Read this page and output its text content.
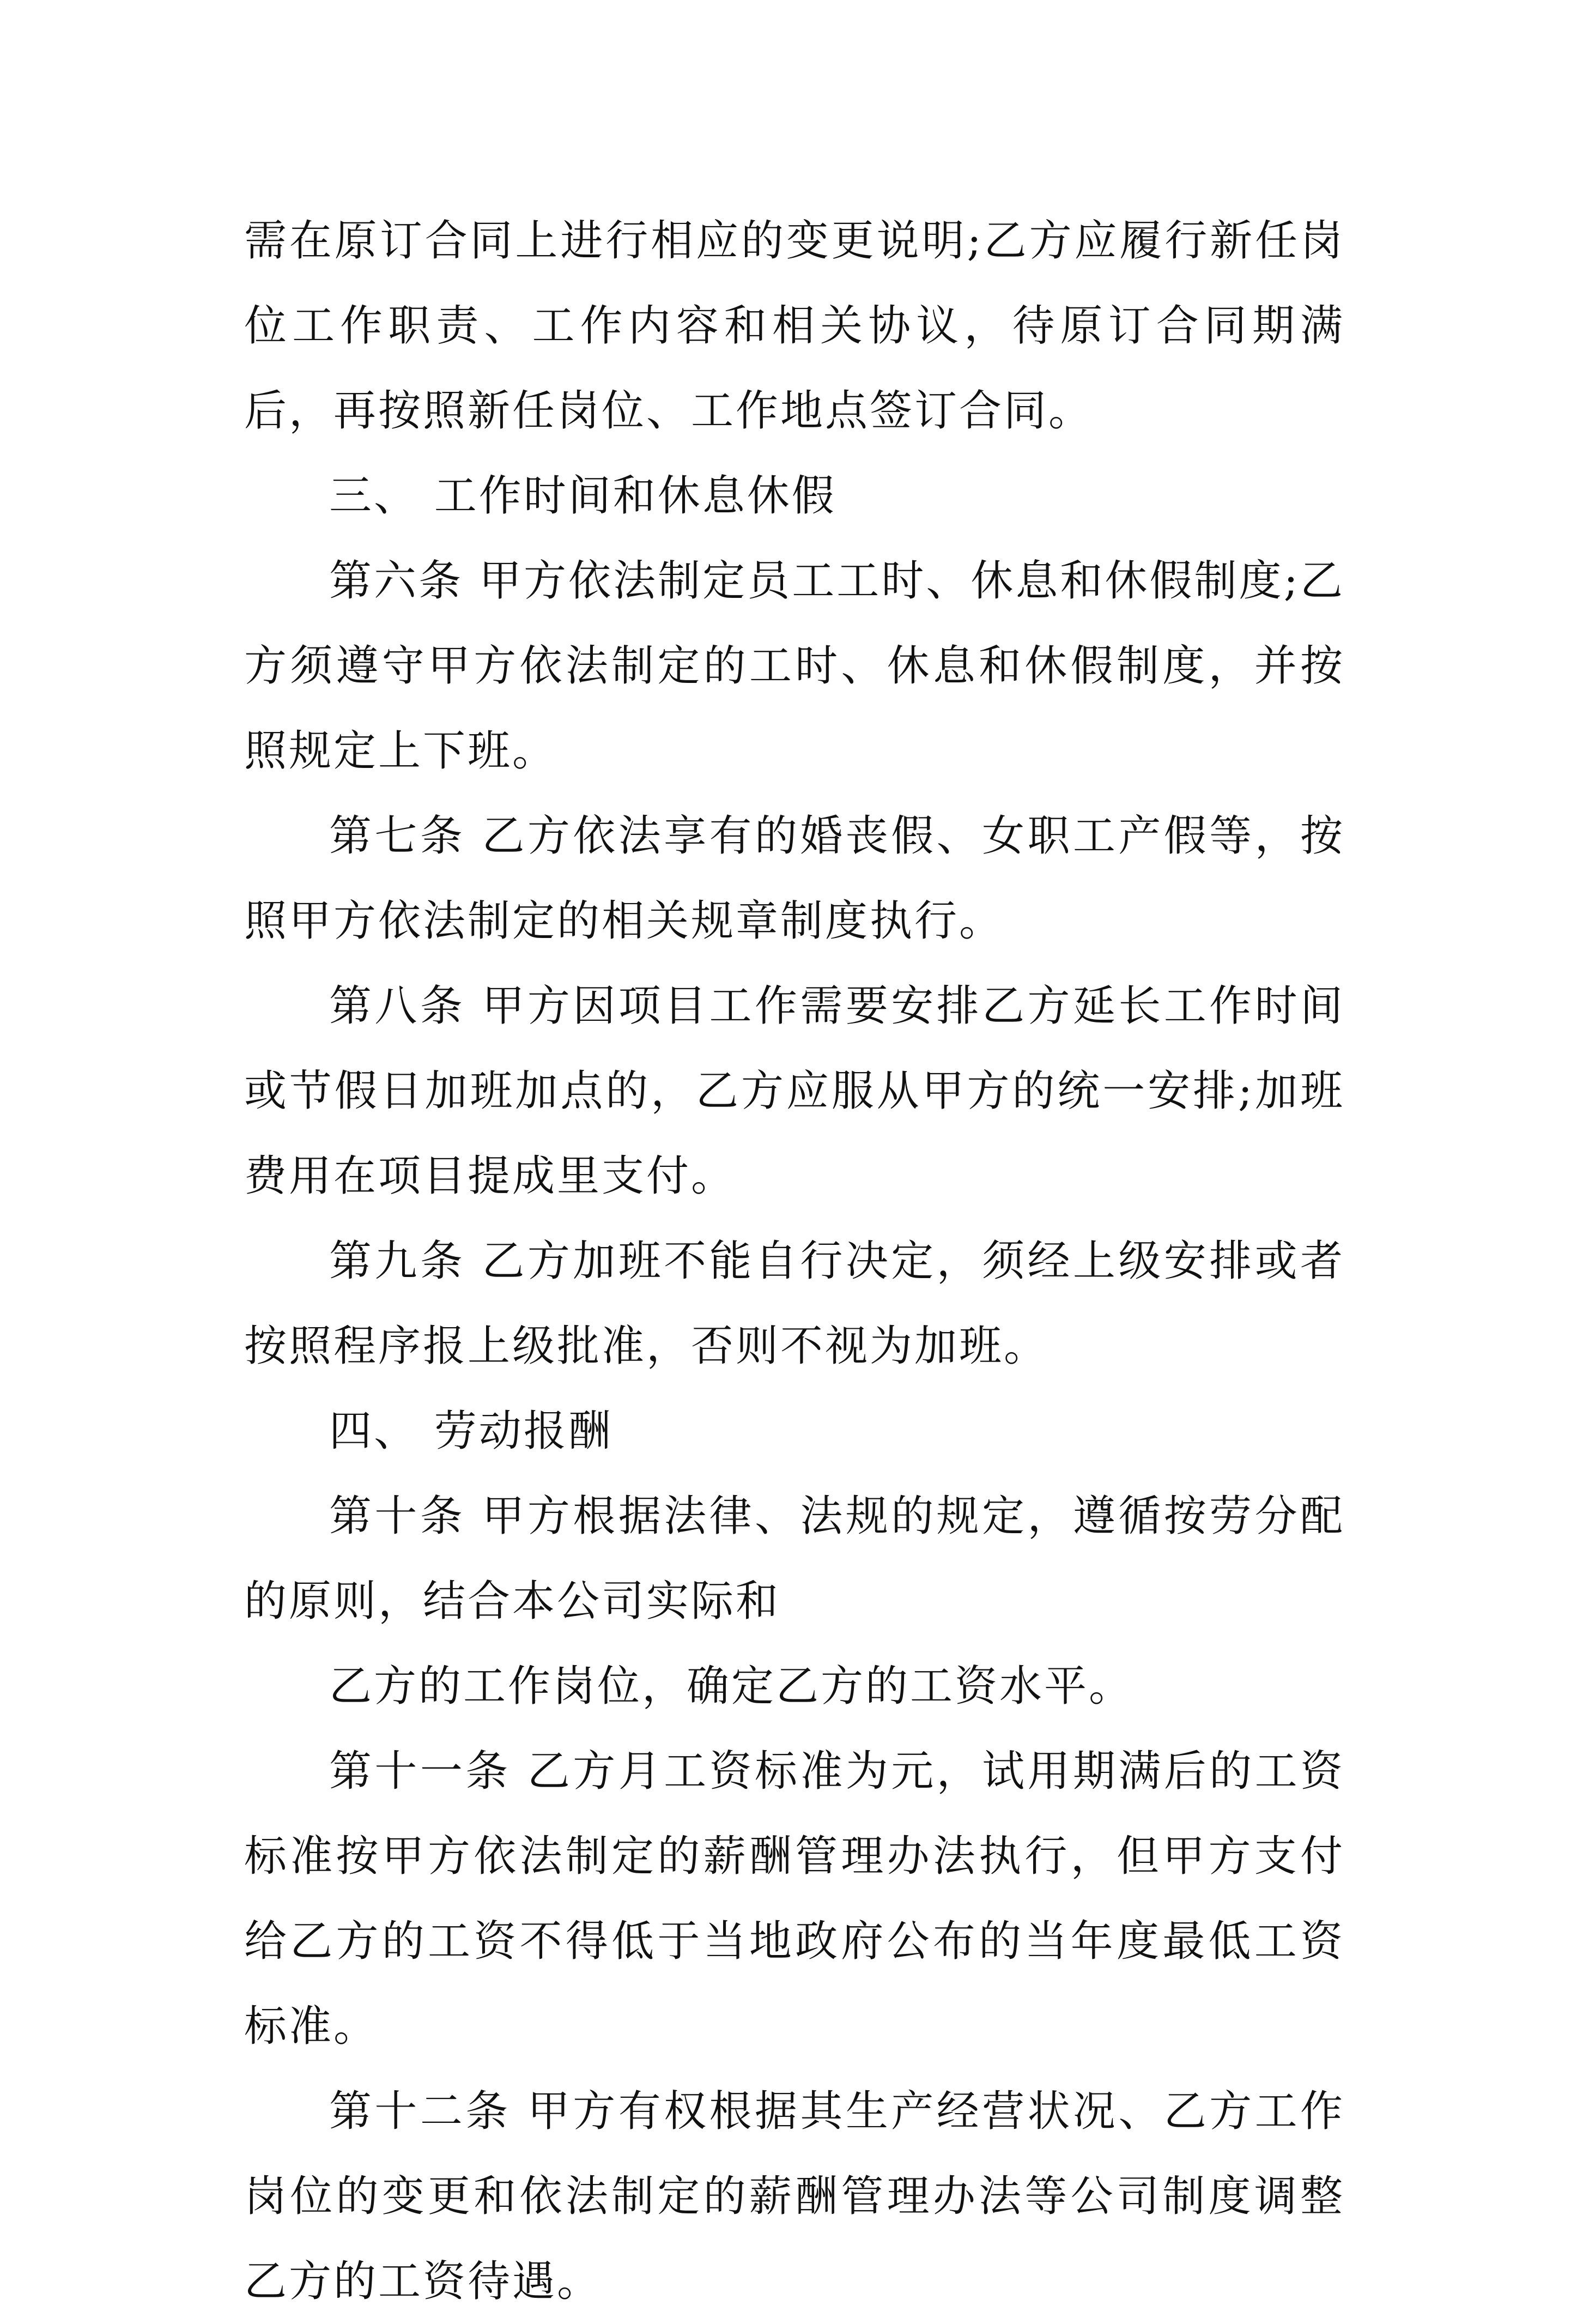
需在原订合同上进行相应的变更说明;乙方应履行新任岗位工作职责、工作内容和相关协议，待原订合同期满后，再按照新任岗位、工作地点签订合同。

三、 工作时间和休息休假

第六条 甲方依法制定员工工时、休息和休假制度;乙方须遵守甲方依法制定的工时、休息和休假制度，并按照规定上下班。

第七条 乙方依法享有的婚丧假、女职工产假等，按照甲方依法制定的相关规章制度执行。

第八条 甲方因项目工作需要安排乙方延长工作时间或节假日加班加点的，乙方应服从甲方的统一安排;加班费用在项目提成里支付。

第九条 乙方加班不能自行决定，须经上级安排或者按照程序报上级批准，否则不视为加班。

四、 劳动报酬

第十条 甲方根据法律、法规的规定，遵循按劳分配的原则，结合本公司实际和

乙方的工作岗位，确定乙方的工资水平。

第十一条 乙方月工资标准为元，试用期满后的工资标准按甲方依法制定的薪酬管理办法执行，但甲方支付给乙方的工资不得低于当地政府公布的当年度最低工资标准。

第十二条 甲方有权根据其生产经营状况、乙方工作岗位的变更和依法制定的薪酬管理办法等公司制度调整乙方的工资待遇。
